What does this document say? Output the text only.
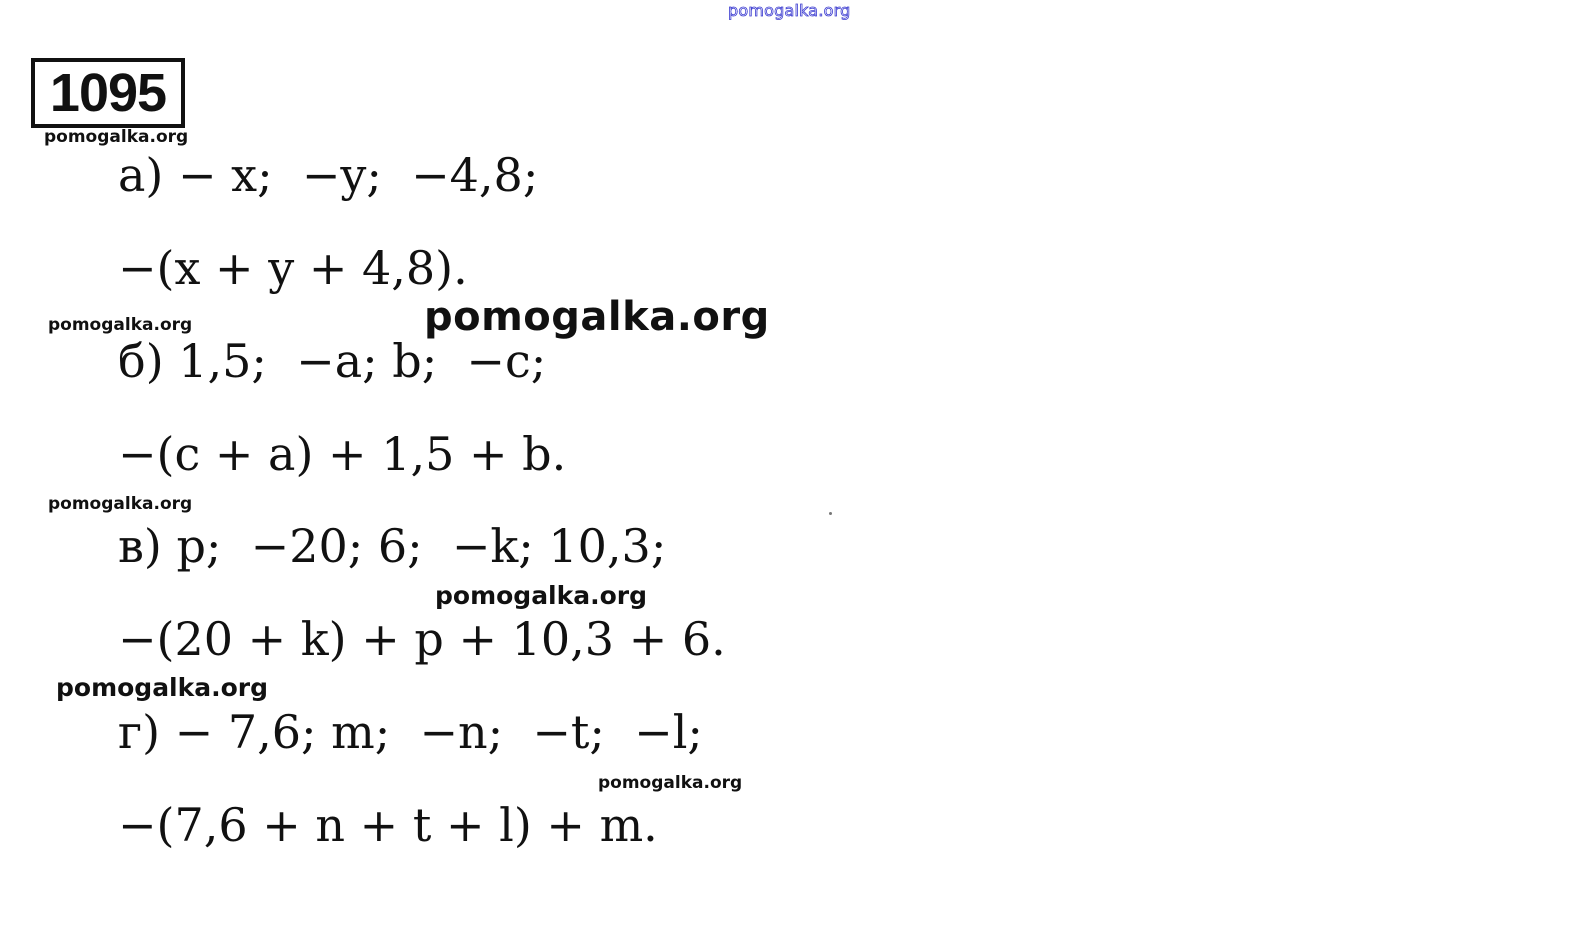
pomogalka.org
1095
pomogalka.org
pomogalka.org	pomogalka.org
pomogalka.org
pomogalka.org
pomogalka.org
pomogalka.org
а) − x;  −y;  −4,8;
−(x + y + 4,8).
б) 1,5;  −a; b;  −c;
−(c + a) + 1,5 + b.
в) p;  −20; 6;  −k; 10,3;
−(20 + k) + p + 10,3 + 6.
г) − 7,6; m;  −n;  −t;  −l;
−(7,6 + n + t + l) + m.
